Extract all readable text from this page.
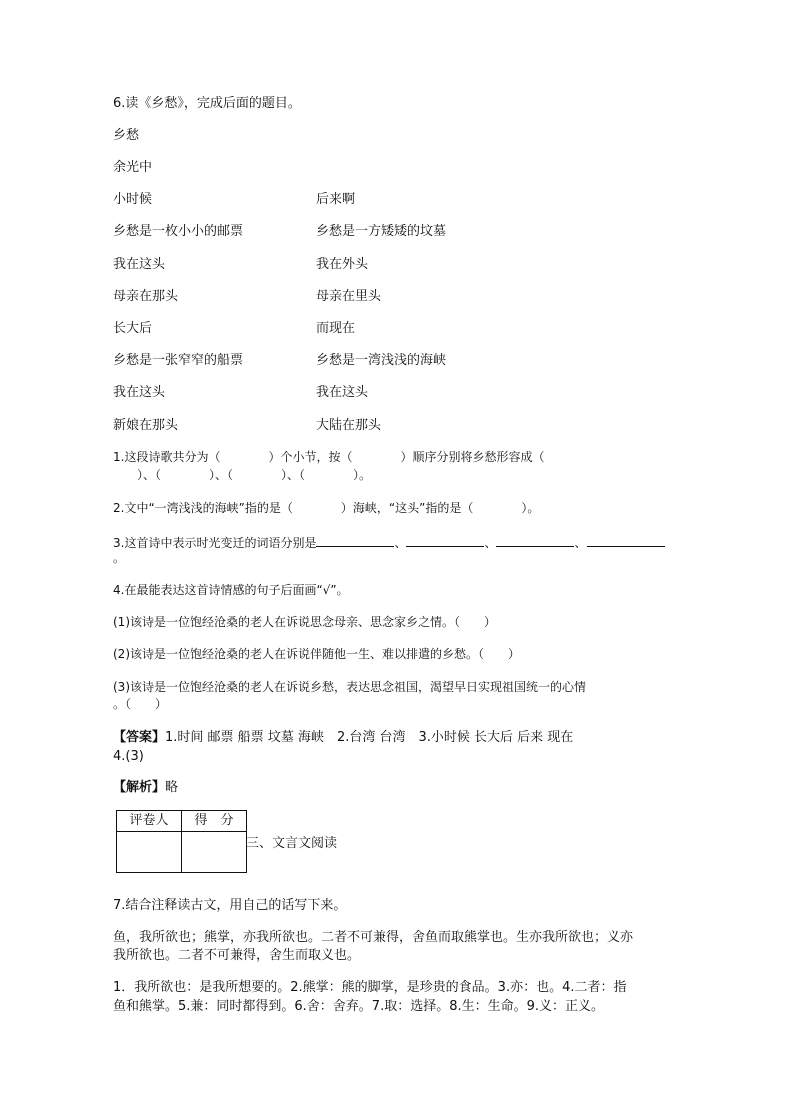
6.读《乡愁》，完成后面的题目。
乡愁
余光中
小时候	后来啊
乡愁是一枚小小的邮票	乡愁是一方矮矮的坟墓
我在这头	我在外头
母亲在那头	母亲在里头
长大后	而现在
乡愁是一张窄窄的船票	乡愁是一湾浅浅的海峡
我在这头	我在这头
新娘在那头	大陆在那头
1.这段诗歌共分为（　　　　）个小节，按（　　　　）顺序分别将乡愁形容成（
　　）、（　　　　）、（　　　　）、（　　　　）。
2.文中“一湾浅浅的海峡”指的是（　　　　）海峡，“这头”指的是（　　　　）。
3.这首诗中表示时光变迁的词语分别是	、	、	、
。
4.在最能表达这首诗情感的句子后面画“√”。
(1)该诗是一位饱经沧桑的老人在诉说思念母亲、思念家乡之情。（　　）
(2)该诗是一位饱经沧桑的老人在诉说伴随他一生、难以排遣的乡愁。（　　）
(3)该诗是一位饱经沧桑的老人在诉说乡愁，表达思念祖国，渴望早日实现祖国统一的心情
。（　　）
【答案】1.时间 邮票 船票 坟墓 海峡　2.台湾 台湾　3.小时候 长大后 后来 现在
4.(3)
【解析】略
评卷人	得　分

三、文言文阅读
7.结合注释读古文，用自己的话写下来。
鱼，我所欲也；熊掌，亦我所欲也。二者不可兼得，舍鱼而取熊掌也。生亦我所欲也；义亦
我所欲也。二者不可兼得，舍生而取义也。
1．我所欲也：是我所想要的。2.熊掌：熊的脚掌，是珍贵的食品。3.亦：也。4.二者：指
鱼和熊掌。5.兼：同时都得到。6.舍：舍弃。7.取：选择。8.生：生命。9.义：正义。
